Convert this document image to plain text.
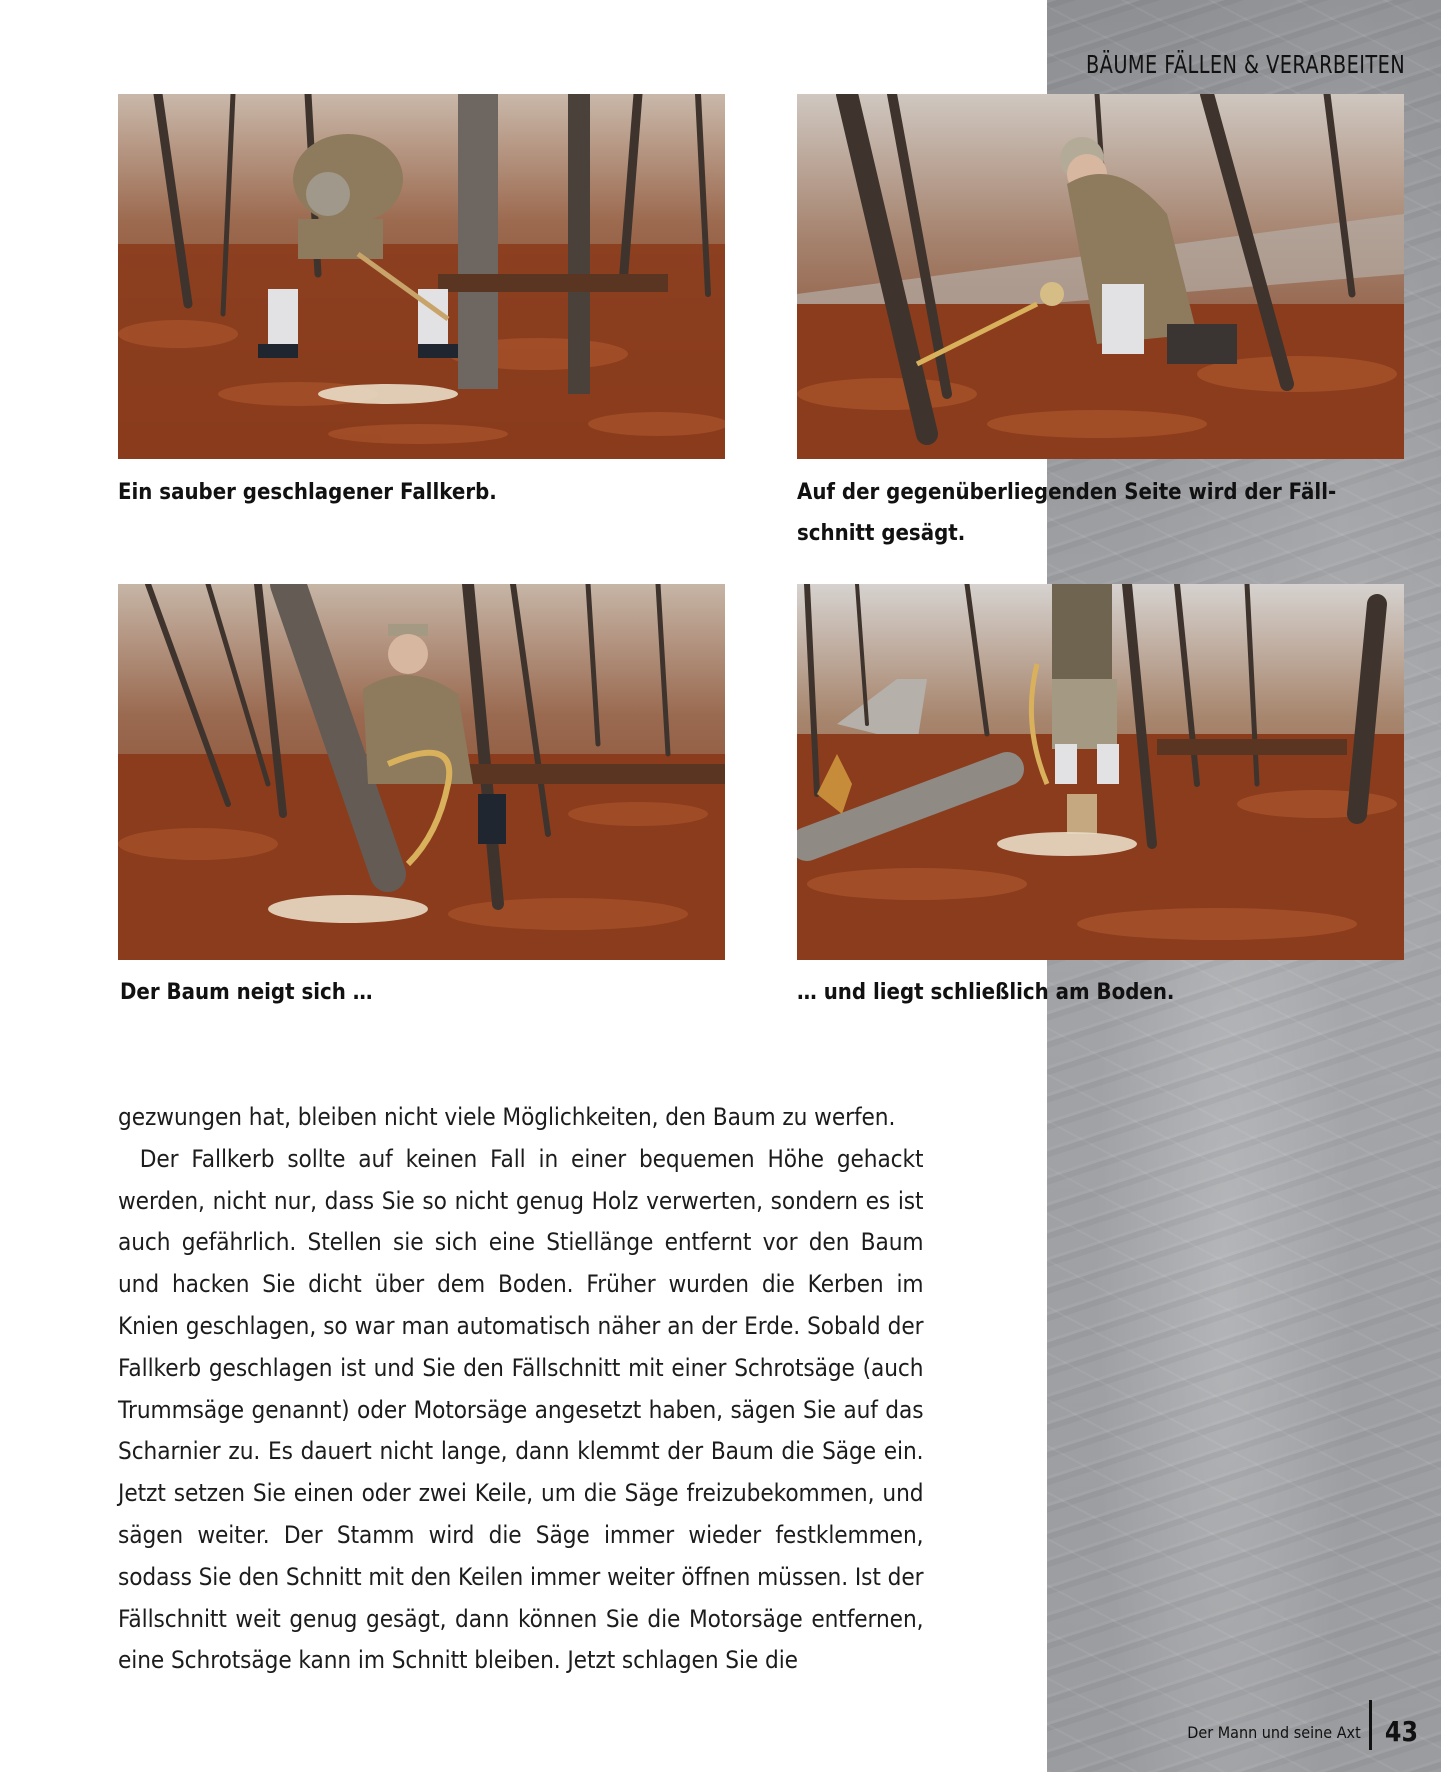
BÄUME FÄLLEN & VERARBEITEN
Ein sauber geschlagener Fallkerb.	Auf der gegenüberliegenden Seite wird der Fäll-schnitt gesägt.
Der Baum neigt sich …	… und liegt schließlich am Boden.

gezwungen hat, bleiben nicht viele Möglichkeiten, den Baum zu werfen.

Der Fallkerb sollte auf keinen Fall in einer bequemen Höhe gehackt werden, nicht nur, dass Sie so nicht genug Holz verwerten, sondern es ist auch gefährlich. Stellen sie sich eine Stiellänge entfernt vor den Baum und hacken Sie dicht über dem Boden. Früher wurden die Kerben im Knien geschlagen, so war man automatisch näher an der Erde. Sobald der Fallkerb geschlagen ist und Sie den Fällschnitt mit einer Schrotsäge (auch Trummsäge genannt) oder Motorsäge angesetzt haben, sägen Sie auf das Scharnier zu. Es dauert nicht lange, dann klemmt der Baum die Säge ein. Jetzt setzen Sie einen oder zwei Keile, um die Säge freizubekommen, und sägen weiter. Der Stamm wird die Säge immer wieder festklemmen, sodass Sie den Schnitt mit den Keilen immer weiter öffnen müssen. Ist der Fällschnitt weit genug gesägt, dann können Sie die Motorsäge entfernen, eine Schrotsäge kann im Schnitt bleiben. Jetzt schlagen Sie die

Der Mann und seine Axt 43
